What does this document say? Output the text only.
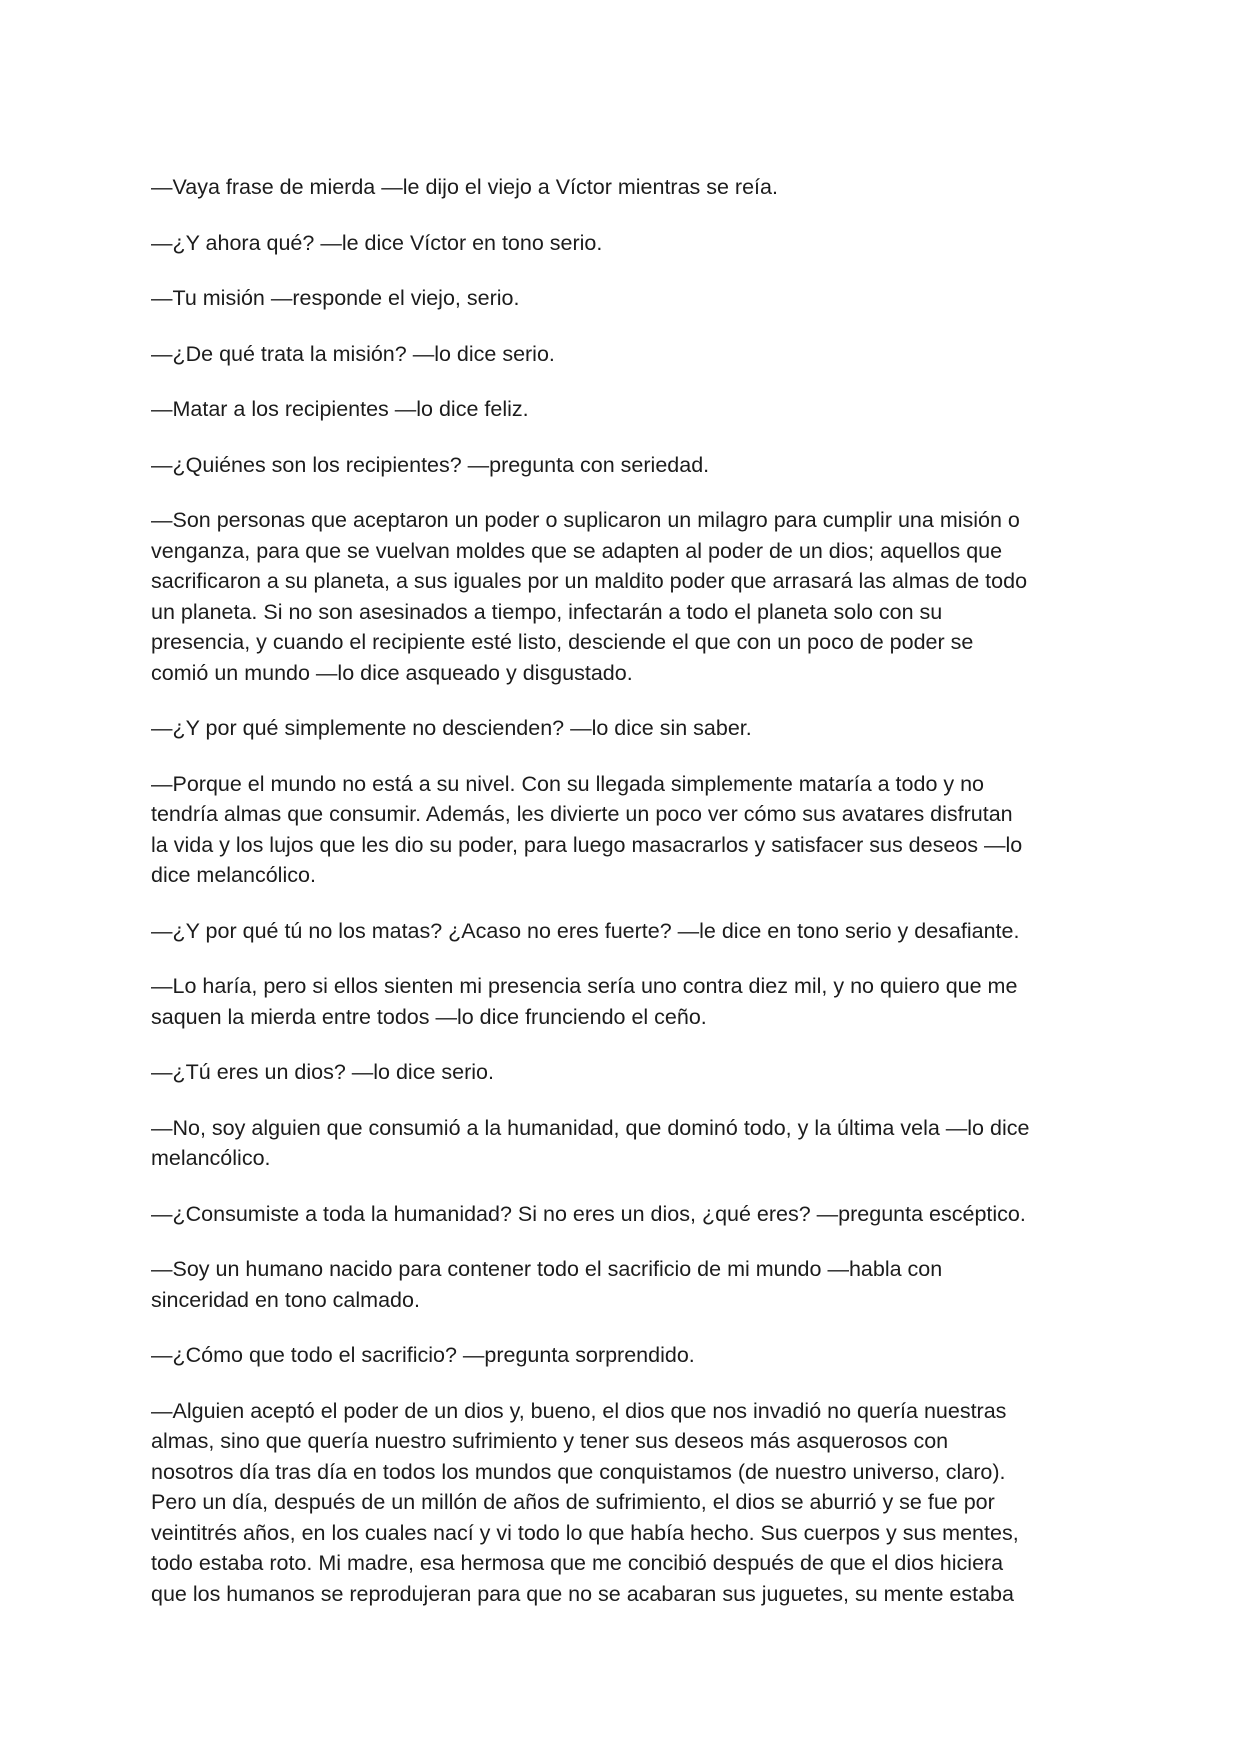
—Vaya frase de mierda —le dijo el viejo a Víctor mientras se reía.

—¿Y ahora qué? —le dice Víctor en tono serio.

—Tu misión —responde el viejo, serio.

—¿De qué trata la misión? —lo dice serio.

—Matar a los recipientes —lo dice feliz.

—¿Quiénes son los recipientes? —pregunta con seriedad.

—Son personas que aceptaron un poder o suplicaron un milagro para cumplir una misión o
venganza, para que se vuelvan moldes que se adapten al poder de un dios; aquellos que
sacrificaron a su planeta, a sus iguales por un maldito poder que arrasará las almas de todo
un planeta. Si no son asesinados a tiempo, infectarán a todo el planeta solo con su
presencia, y cuando el recipiente esté listo, desciende el que con un poco de poder se
comió un mundo —lo dice asqueado y disgustado.

—¿Y por qué simplemente no descienden? —lo dice sin saber.

—Porque el mundo no está a su nivel. Con su llegada simplemente mataría a todo y no
tendría almas que consumir. Además, les divierte un poco ver cómo sus avatares disfrutan
la vida y los lujos que les dio su poder, para luego masacrarlos y satisfacer sus deseos —lo
dice melancólico.

—¿Y por qué tú no los matas? ¿Acaso no eres fuerte? —le dice en tono serio y desafiante.

—Lo haría, pero si ellos sienten mi presencia sería uno contra diez mil, y no quiero que me
saquen la mierda entre todos —lo dice frunciendo el ceño.

—¿Tú eres un dios? —lo dice serio.

—No, soy alguien que consumió a la humanidad, que dominó todo, y la última vela —lo dice
melancólico.

—¿Consumiste a toda la humanidad? Si no eres un dios, ¿qué eres? —pregunta escéptico.

—Soy un humano nacido para contener todo el sacrificio de mi mundo —habla con
sinceridad en tono calmado.

—¿Cómo que todo el sacrificio? —pregunta sorprendido.

—Alguien aceptó el poder de un dios y, bueno, el dios que nos invadió no quería nuestras
almas, sino que quería nuestro sufrimiento y tener sus deseos más asquerosos con
nosotros día tras día en todos los mundos que conquistamos (de nuestro universo, claro).
Pero un día, después de un millón de años de sufrimiento, el dios se aburrió y se fue por
veintitrés años, en los cuales nací y vi todo lo que había hecho. Sus cuerpos y sus mentes,
todo estaba roto. Mi madre, esa hermosa que me concibió después de que el dios hiciera
que los humanos se reprodujeran para que no se acabaran sus juguetes, su mente estaba
